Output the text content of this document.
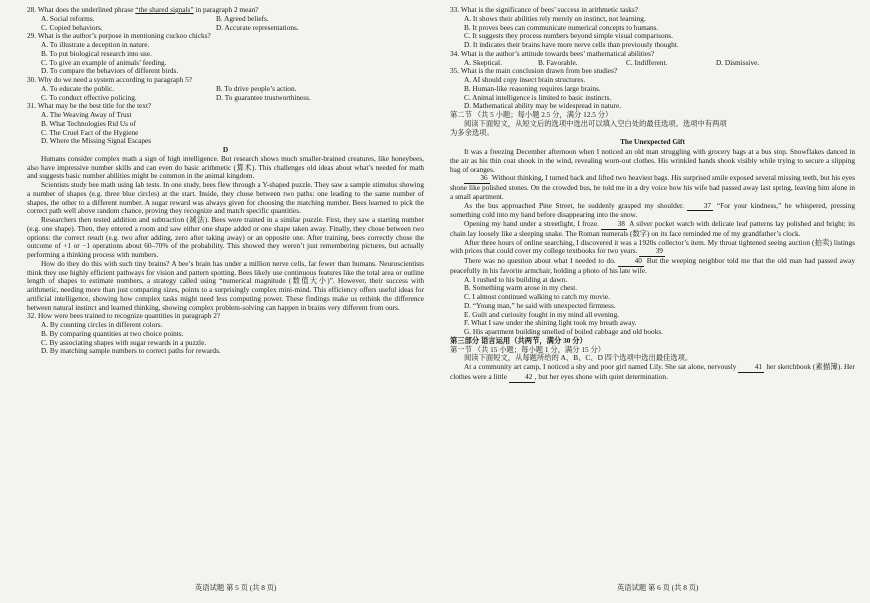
28. What does the underlined phrase “the shared signals” in paragraph 2 mean?
A. Social reforms.	B. Agreed beliefs.
C. Copied behaviors.	D. Accurate representations.
29. What is the author’s purpose in mentioning cuckoo chicks?
A. To illustrate a deception in nature.
B. To put biological research into use.
C. To give an example of animals’ feeding.
D. To compare the behaviors of different birds.
30. Why do we need a system according to paragraph 5?
A. To educate the public.	B. To drive people’s action.
C. To conduct effective policing.	D. To guarantee trustworthiness.
31. What may be the best title for the text?
A. The Weaving Away of Trust
B. What Technologies Rid Us of
C. The Cruel Fact of the Hygiene
D. Where the Missing Signal Escapes
D

Humans consider complex math a sign of high intelligence. But research shows much smaller-brained creatures, like honeybees, also have impressive number skills and can even do basic arithmetic (算术). This challenges old ideas about what’s needed for math and suggests basic number abilities might be common in the animal kingdom.

Scientists study bee math using lab tests. In one study, bees flew through a Y-shaped puzzle. They saw a sample stimulus showing a number of shapes (e.g. three blue circles) at the start. Inside, they chose between two paths: one leading to the same number of shapes, the other to a different number. A sugar reward was always given for choosing the matching number. Bees learned to pick the correct path well above random chance, proving they recognize and match specific quantities.

Researchers then tested addition and subtraction (减法). Bees were trained in a similar puzzle. First, they saw a starting number (e.g. one shape). Then, they entered a room and saw either one shape added or one shape taken away. Finally, they chose between two options: the correct result (e.g. two after adding, zero after taking away) or an opposite one. After training, bees correctly chose the outcome of +1 or −1 operations about 60–70% of the probability. This showed they weren’t just remembering pictures, but actually performing a thinking process with numbers.

How do they do this with such tiny brains? A bee’s brain has under a million nerve cells, far fewer than humans. Neuroscientists think they use highly efficient pathways for vision and pattern spotting. Bees likely use continuous features like the total area or outline length of shapes to estimate numbers, a strategy called using “numerical magnitude (数值大小)”. However, their success with arithmetic, needing more than just comparing sizes, points to a surprisingly complex mini-mind. This efficiency offers useful ideas for artificial intelligence, showing how complex tasks might need less computing power. These findings make us rethink the difference between natural instinct and learned thinking, showing complex problem-solving can happen in brains very different from ours.

32. How were bees trained to recognize quantities in paragraph 2?
A. By counting circles in different colors.
B. By comparing quantities at two choice points.
C. By associating shapes with sugar rewards in a puzzle.
D. By matching sample numbers to correct paths for rewards.
英语试题 第 5 页 (共 8 页)
33. What is the significance of bees’ success in arithmetic tasks?
A. It shows their abilities rely merely on instinct, not learning.
B. It proves bees can communicate numerical concepts to humans.
C. It suggests they process numbers beyond simple visual comparisons.
D. It indicates their brains have more nerve cells than previously thought.
34. What is the author’s attitude towards bees’ mathematical abilities?
A. Skeptical.	B. Favorable.	C. Indifferent.	D. Dismissive.
35. What is the main conclusion drawn from bee studies?
A. AI should copy insect brain structures.
B. Human-like reasoning requires large brains.
C. Animal intelligence is limited to basic instincts.
D. Mathematical ability may be widespread in nature.
第二节 （共 5 小题；每小题 2.5 分，满分 12.5 分）
阅读下面短文，从短文后的选项中选出可以填入空白处的最佳选项。选项中有两项
为多余选项。
The Unexpected Gift

It was a freezing December afternoon when I noticed an old man struggling with grocery bags at a bus stop. Snowflakes danced in the air as his thin coat shook in the wind, revealing worn-out clothes. His wrinkled hands shook visibly while trying to secure a slipping bag of oranges.

36 Without thinking, I turned back and lifted two heaviest bags. His surprised smile exposed several missing teeth, but his eyes shone like polished stones. On the crowded bus, he told me in a dry voice how his wife had passed away last spring, leaving him alone in a small apartment.

As the bus approached Pine Street, he suddenly grasped my shoulder. 37 “For your kindness,” he whispered, pressing something cold into my hand before disappearing into the snow.

Opening my hand under a streetlight, I froze. 38 A silver pocket watch with delicate leaf patterns lay polished and bright; its chain lay loosely like a sleeping snake. The Roman numerals (数字) on its face reminded me of my grandfather’s clock.

After three hours of online searching, I discovered it was a 1920s collector’s item. My throat tightened seeing auction (拍卖) listings with prices that could cover my college textbooks for two years. 39

There was no question about what I needed to do. 40 But the weeping neighbor told me that the old man had passed away peacefully in his favorite armchair, holding a photo of his late wife.

A. I rushed to his building at dawn.
B. Something warm arose in my chest.
C. I almost continued walking to catch my movie.
D. “Young man,” he said with unexpected firmness.
E. Guilt and curiosity fought in my mind all evening.
F. What I saw under the shining light took my breath away.
G. His apartment building smelled of boiled cabbage and old books.
第三部分 语言运用（共两节，满分 30 分）
第一节 （共 15 小题；每小题 1 分，满分 15 分）
阅读下面短文，从每题所给的 A、B、C、D 四个选项中选出最佳选项。

At a community art camp, I noticed a shy and poor girl named Lily. She sat alone, nervously 41 her sketchbook (素描簿). Her clothes were a little 42 , but her eyes shone with quiet determination.

英语试题 第 6 页 (共 8 页)
